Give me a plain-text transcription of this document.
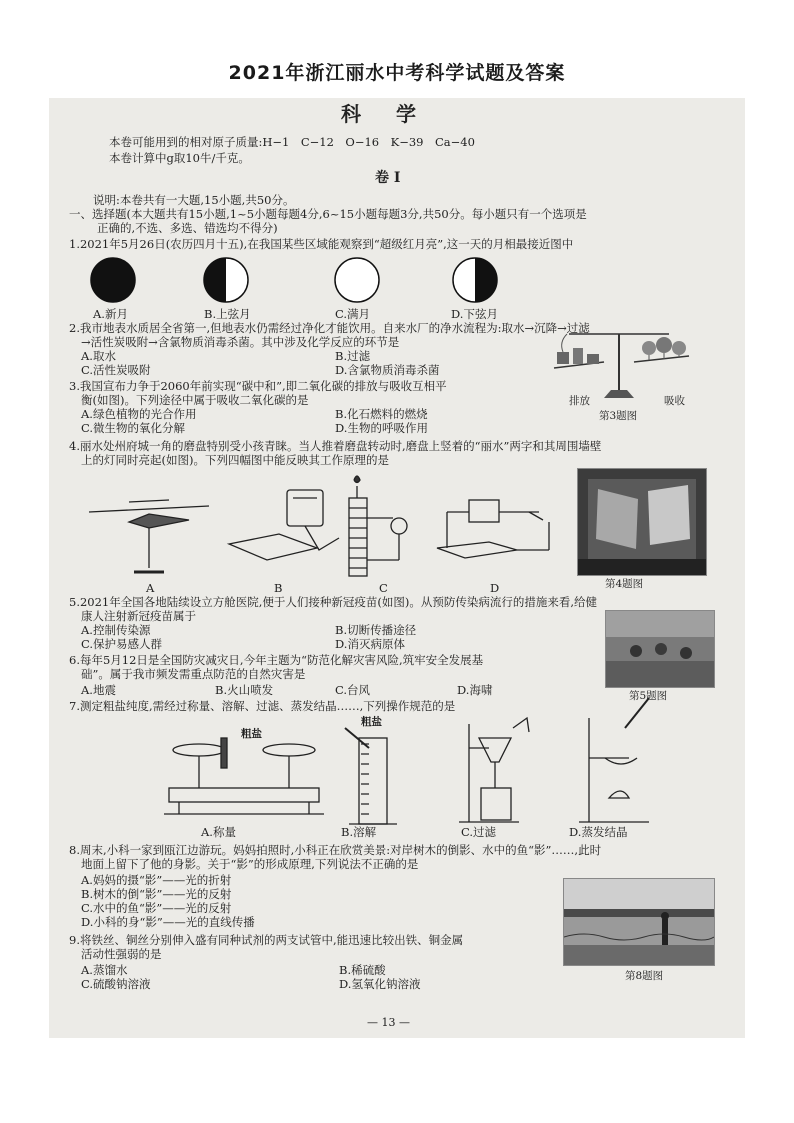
2021年浙江丽水中考科学试题及答案
科 学
本卷可能用到的相对原子质量:H−1　C−12　O−16　K−39　Ca−40
本卷计算中g取10牛/千克。
卷 Ⅰ
说明:本卷共有一大题,15小题,共50分。
一、选择题(本大题共有15小题,1~5小题每题4分,6~15小题每题3分,共50分。每小题只有一个选项是
正确的,不选、多选、错选均不得分)
1.2021年5月26日(农历四月十五),在我国某些区域能观察到“超级红月亮”,这一天的月相最接近图中
A.新月	B.上弦月	C.满月	D.下弦月
2.我市地表水质居全省第一,但地表水仍需经过净化才能饮用。自来水厂的净水流程为:取水→沉降→过滤
→活性炭吸附→含氯物质消毒杀菌。其中涉及化学反应的环节是
A.取水	B.过滤
C.活性炭吸附	D.含氯物质消毒杀菌
3.我国宣布力争于2060年前实现“碳中和”,即二氧化碳的排放与吸收互相平
衡(如图)。下列途径中属于吸收二氧化碳的是
A.绿色植物的光合作用	B.化石燃料的燃烧
C.微生物的氧化分解	D.生物的呼吸作用
排放	吸收
第3题图
4.丽水处州府城一角的磨盘特别受小孩青睐。当人推着磨盘转动时,磨盘上竖着的“丽水”两字和其周围墙壁
上的灯同时亮起(如图)。下列四幅图中能反映其工作原理的是
A	B	C	D	第4题图
5.2021年全国各地陆续设立方舱医院,便于人们接种新冠疫苗(如图)。从预防传染病流行的措施来看,给健
康人注射新冠疫苗属于
A.控制传染源	B.切断传播途径
C.保护易感人群	D.消灭病原体
第5题图
6.每年5月12日是全国防灾减灾日,今年主题为“防范化解灾害风险,筑牢安全发展基
础”。属于我市频发需重点防范的自然灾害是
A.地震	B.火山喷发	C.台风	D.海啸
7.测定粗盐纯度,需经过称量、溶解、过滤、蒸发结晶……,下列操作规范的是
粗盐
粗盐
A.称量	B.溶解	C.过滤	D.蒸发结晶
8.周末,小科一家到瓯江边游玩。妈妈拍照时,小科正在欣赏美景:对岸树木的倒影、水中的鱼“影”……,此时
地面上留下了他的身影。关于“影”的形成原理,下列说法不正确的是
A.妈妈的摄“影”——光的折射
B.树木的倒“影”——光的反射
C.水中的鱼“影”——光的反射
D.小科的身“影”——光的直线传播
第8题图
9.将铁丝、铜丝分别伸入盛有同种试剂的两支试管中,能迅速比较出铁、铜金属
活动性强弱的是
A.蒸馏水	B.稀硫酸
C.硫酸钠溶液	D.氢氧化钠溶液
— 13 —
